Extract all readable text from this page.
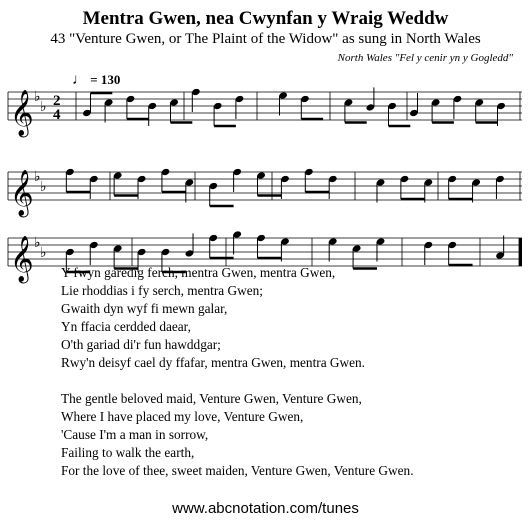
Mentra Gwen, nea Cwynfan y Wraig Weddw
43 "Venture Gwen, or The Plaint of the Widow" as sung in North Wales
North Wales "Fel y cenir yn y Gogledd"
♩ = 130
𝄞 ♭
♭ 2
4
𝄞 ♭
♭
𝄞 ♭
♭
Y fwyn garedig ferch, mentra Gwen, mentra Gwen,
Lie rhoddias i fy serch, mentra Gwen;
Gwaith dyn wyf fi mewn galar,
Yn ffacia cerdded daear,
O'th gariad di'r fun hawddgar;
Rwy'n deisyf cael dy ffafar, mentra Gwen, mentra Gwen.
The gentle beloved maid, Venture Gwen, Venture Gwen,
Where I have placed my love, Venture Gwen,
'Cause I'm a man in sorrow,
Failing to walk the earth,
For the love of thee, sweet maiden, Venture Gwen, Venture Gwen.
www.abcnotation.com/tunes
